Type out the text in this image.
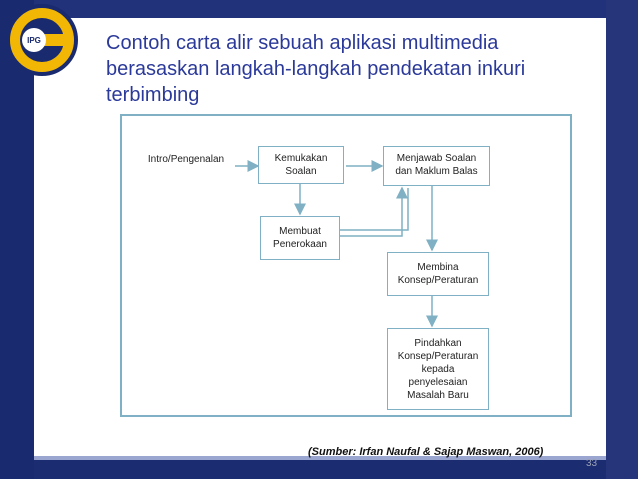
IPG	Contoh carta alir sebuah aplikasi multimedia berasaskan langkah-langkah pendekatan inkuri terbimbing
Intro/Pengenalan	Kemukakan
Soalan
Menjawab Soalan
dan Maklum Balas
Membuat
Penerokaan
Membina
Konsep/Peraturan
Pindahkan
Konsep/Peraturan
kepada
penyelesaian
Masalah Baru
(Sumber: Irfan Naufal & Sajap Maswan, 2006)
33
